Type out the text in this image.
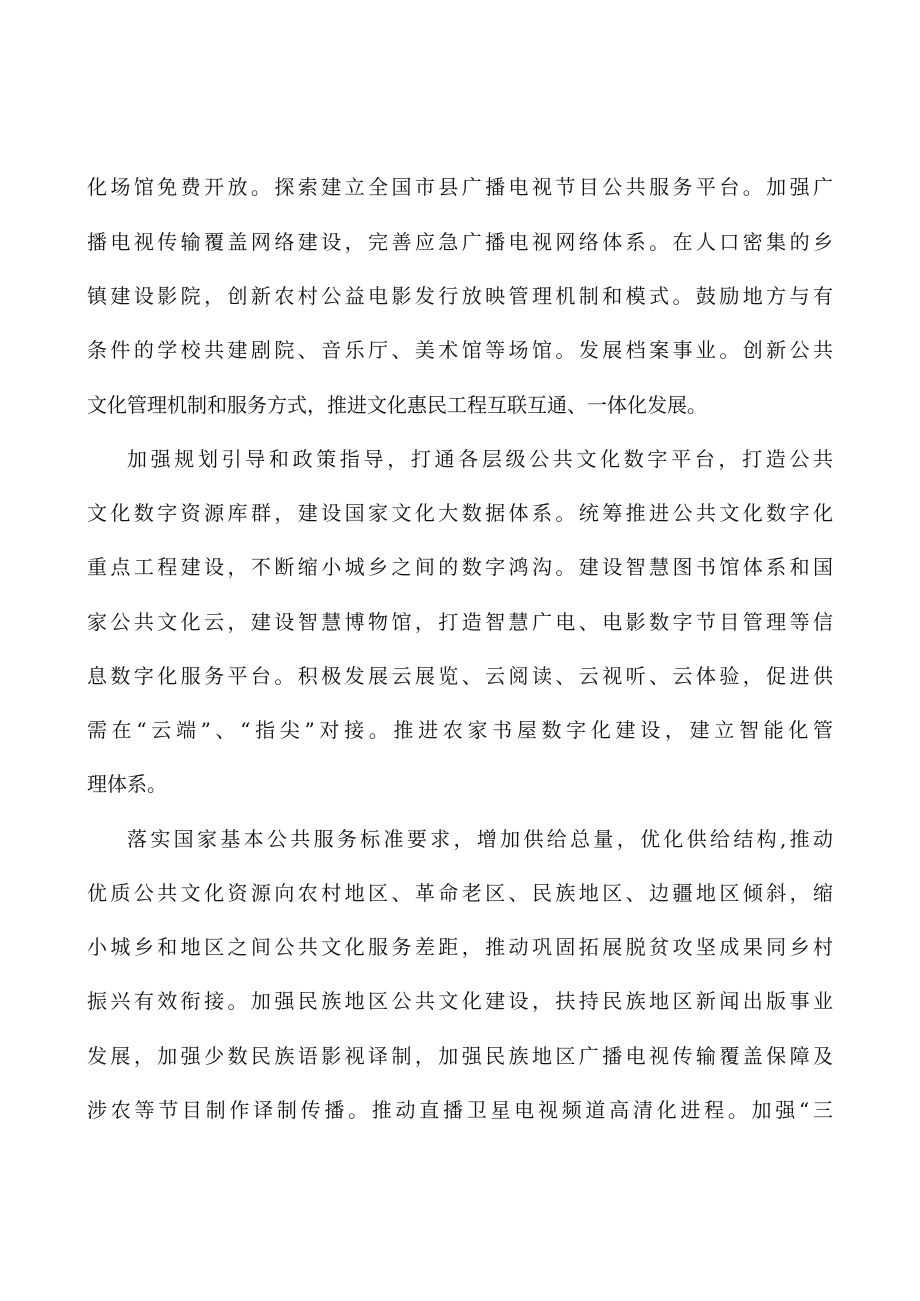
化场馆免费开放。探索建立全国市县广播电视节目公共服务平台。加强广
播电视传输覆盖网络建设，完善应急广播电视网络体系。在人口密集的乡
镇建设影院，创新农村公益电影发行放映管理机制和模式。鼓励地方与有
条件的学校共建剧院、音乐厅、美术馆等场馆。发展档案事业。创新公共
文化管理机制和服务方式，推进文化惠民工程互联互通、一体化发展。
加强规划引导和政策指导，打通各层级公共文化数字平台，打造公共
文化数字资源库群，建设国家文化大数据体系。统筹推进公共文化数字化
重点工程建设，不断缩小城乡之间的数字鸿沟。建设智慧图书馆体系和国
家公共文化云，建设智慧博物馆，打造智慧广电、电影数字节目管理等信
息数字化服务平台。积极发展云展览、云阅读、云视听、云体验，促进供
需在“云端”、“指尖”对接。推进农家书屋数字化建设，建立智能化管
理体系。
落实国家基本公共服务标准要求，增加供给总量，优化供给结构,推动
优质公共文化资源向农村地区、革命老区、民族地区、边疆地区倾斜，缩
小城乡和地区之间公共文化服务差距，推动巩固拓展脱贫攻坚成果同乡村
振兴有效衔接。加强民族地区公共文化建设，扶持民族地区新闻出版事业
发展，加强少数民族语影视译制，加强民族地区广播电视传输覆盖保障及
涉农等节目制作译制传播。推动直播卫星电视频道高清化进程。加强“三
